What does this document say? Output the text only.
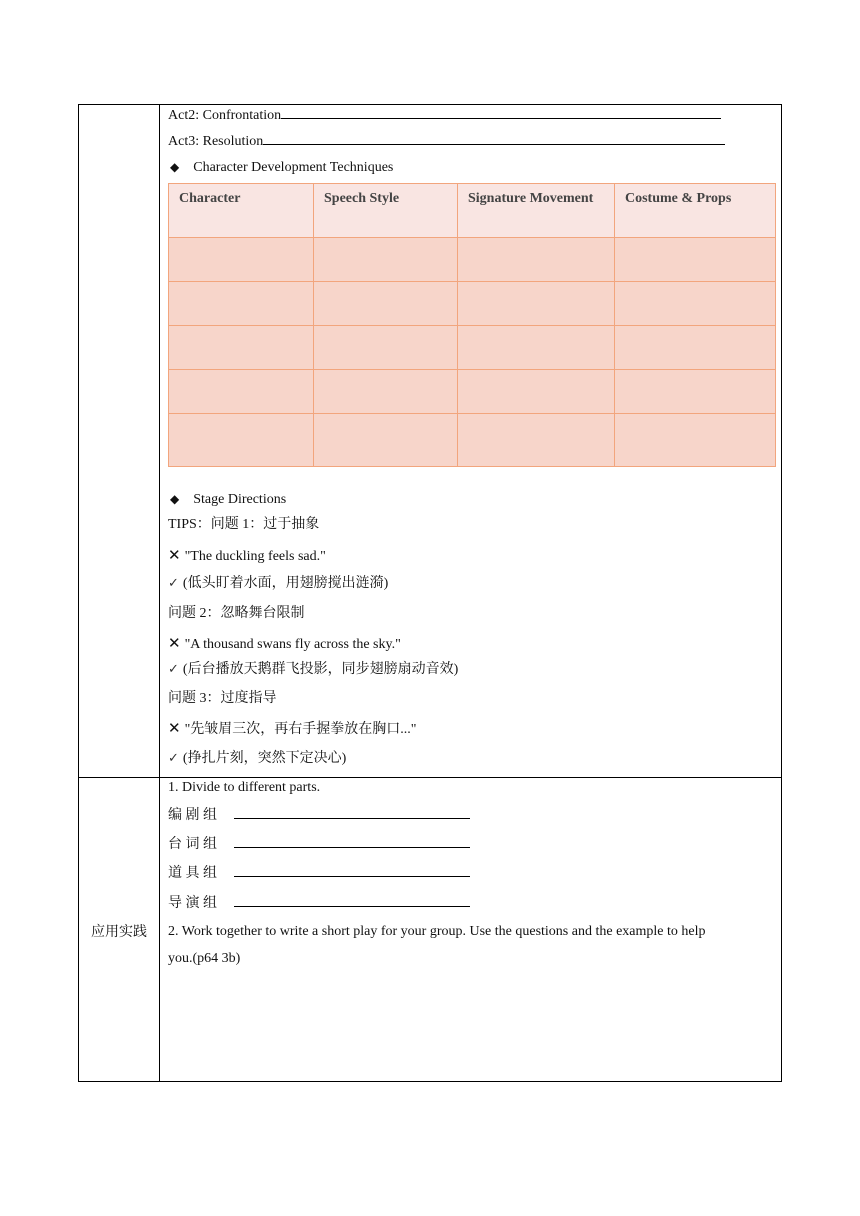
Act2: Confrontation
Act3: Resolution
◆ Character Development Techniques
Character	Speech Style	Signature Movement	Costume & Props

◆ Stage Directions
TIPS：问题 1：过于抽象
✕ "The duckling feels sad."
✓ (低头盯着水面，用翅膀搅出涟漪)
问题 2：忽略舞台限制
✕ "A thousand swans fly across the sky."
✓ (后台播放天鹅群飞投影，同步翅膀扇动音效)
问题 3：过度指导
✕ "先皱眉三次，再右手握拳放在胸口..."
✓ (挣扎片刻，突然下定决心)
应用实践
1. Divide to different parts.
编 剧 组
台 词 组
道 具 组
导 演 组
2. Work together to write a short play for your group. Use the questions and the example to help
you.(p64 3b)
